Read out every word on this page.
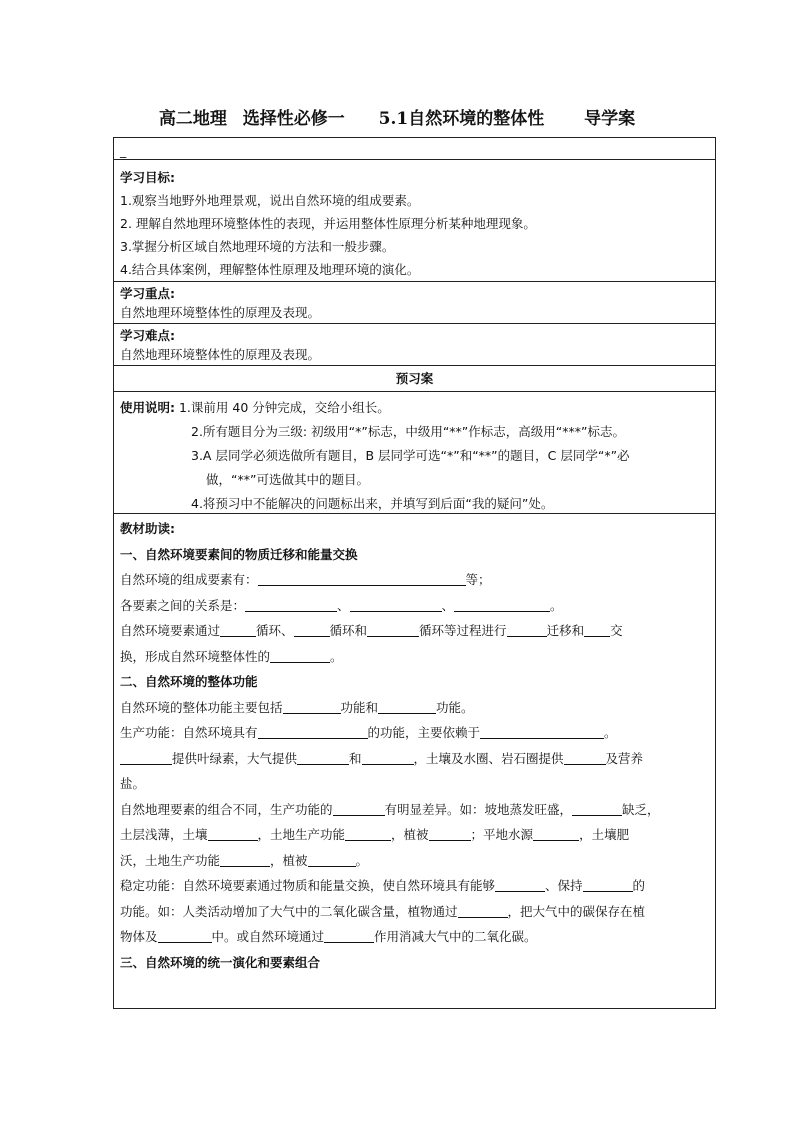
高二地理 选择性必修一 5.1自然环境的整体性 导学案
_
学习目标:
1.观察当地野外地理景观，说出自然环境的组成要素。
2. 理解自然地理环境整体性的表现，并运用整体性原理分析某种地理现象。
3.掌握分析区域自然地理环境的方法和一般步骤。
4.结合具体案例，理解整体性原理及地理环境的演化。
学习重点:
自然地理环境整体性的原理及表现。
学习难点:
自然地理环境整体性的原理及表现。
预习案
使用说明: 1.课前用 40 分钟完成，交给小组长。
2.所有题目分为三级: 初级用“*”标志，中级用“**”作标志，高级用“***”标志。
3.A 层同学必须选做所有题目，B 层同学可选“*”和“**”的题目，C 层同学“*”必
做，“**”可选做其中的题目。
4.将预习中不能解决的问题标出来，并填写到后面“我的疑问”处。
教材助读:
一、自然环境要素间的物质迁移和能量交换
自然环境的组成要素有：	等；
各要素之间的关系是：	、	、	。
自然环境要素通过	循环、	循环和	循环等过程进行	迁移和 交
换，形成自然环境整体性的	。
二、自然环境的整体功能
自然环境的整体功能主要包括	功能和	功能。
生产功能：自然环境具有	的功能，主要依赖于	。
提供叶绿素，大气提供	和	，土壤及水圈、岩石圈提供	及营养
盐。
自然地理要素的组合不同，生产功能的	有明显差异。如：坡地蒸发旺盛，	缺乏，
土层浅薄，土壤	，土地生产功能	，植被	；平地水源	，土壤肥
沃，土地生产功能	，植被	。
稳定功能：自然环境要素通过物质和能量交换，使自然环境具有能够	、保持	的
功能。如：人类活动增加了大气中的二氧化碳含量，植物通过	，把大气中的碳保存在植
物体及	中。或自然环境通过	作用消减大气中的二氧化碳。
三、自然环境的统一演化和要素组合
